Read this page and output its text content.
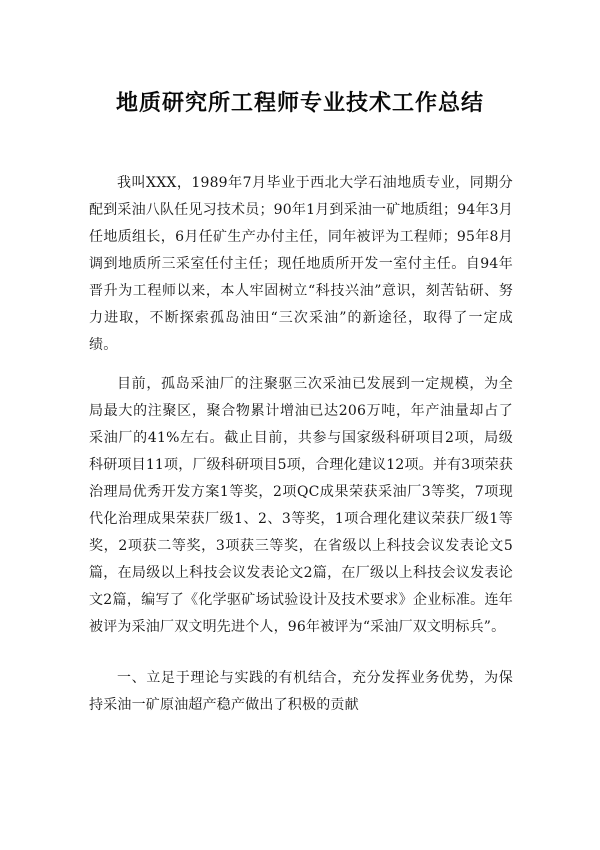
地质研究所工程师专业技术工作总结

我叫XXX，1989年7月毕业于西北大学石油地质专业，同期分配到采油八队任见习技术员；90年1月到采油一矿地质组；94年3月任地质组长，6月任矿生产办付主任，同年被评为工程师；95年8月调到地质所三采室任付主任；现任地质所开发一室付主任。自94年晋升为工程师以来，本人牢固树立“科技兴油”意识，刻苦钻研、努力进取，不断探索孤岛油田“三次采油”的新途径，取得了一定成绩。

目前，孤岛采油厂的注聚驱三次采油已发展到一定规模，为全局最大的注聚区，聚合物累计增油已达206万吨，年产油量却占了采油厂的41%左右。截止目前，共参与国家级科研项目2项，局级科研项目11项，厂级科研项目5项，合理化建议12项。并有3项荣获治理局优秀开发方案1等奖，2项QC成果荣获采油厂3等奖，7项现代化治理成果荣获厂级1、2、3等奖，1项合理化建议荣获厂级1等奖，2项获二等奖，3项获三等奖，在省级以上科技会议发表论文5篇，在局级以上科技会议发表论文2篇，在厂级以上科技会议发表论文2篇，编写了《化学驱矿场试验设计及技术要求》企业标准。连年被评为采油厂双文明先进个人，96年被评为“采油厂双文明标兵”。

一、立足于理论与实践的有机结合，充分发挥业务优势，为保持采油一矿原油超产稳产做出了积极的贡献
